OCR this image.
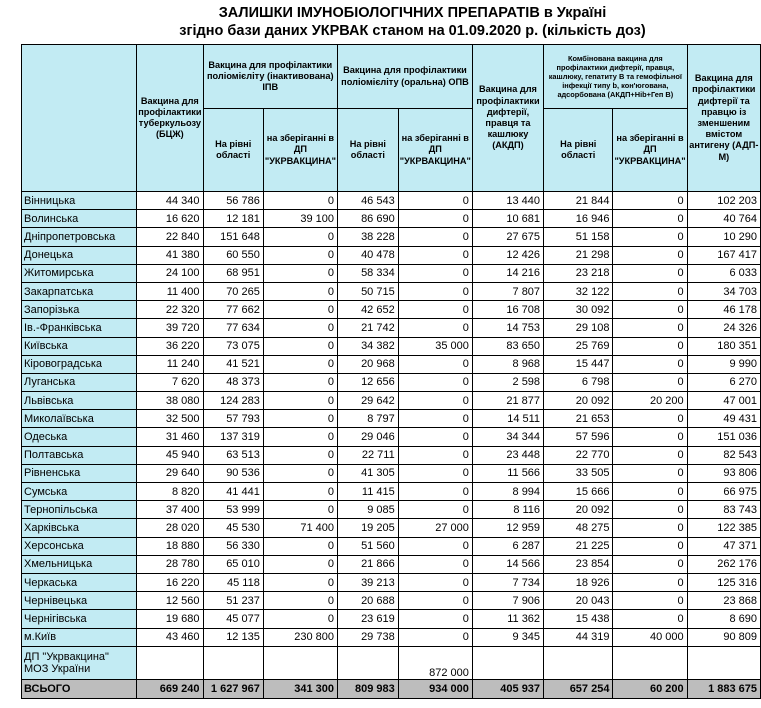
ЗАЛИШКИ ІМУНОБІОЛОГІЧНИХ ПРЕПАРАТІВ в Україні
згідно бази даних УКРВАК станом на 01.09.2020 р. (кількість доз)
	Вакцина для профілактики туберкульозу (БЦЖ)	Вакцина для профілактики поліомієліту (інактивована) ІПВ		Вакцина для профілактики поліомієліту (оральна) ОПВ		Вакцина для профілактики дифтерії, правця та кашлюку (АКДП)	Комбінована вакцина для профілактики дифтерії, правця, кашлюку, гепатиту В та гемофільної інфекції типу b, кон'югована, адсорбована (АКДП+Hib+Геп В)		Вакцина для профілактики дифтерії та правцю із зменшеним вмістом антигену (АДП-М)
		На рівні області	на зберіганні в ДП "УКРВАКЦИНА"	На рівні області	на зберіганні в ДП "УКРВАКЦИНА"		На рівні області	на зберіганні в ДП "УКРВАКЦИНА"	
Вінницька	44 340	56 786	0	46 543	0	13 440	21 844	0	102 203
Волинська	16 620	12 181	39 100	86 690	0	10 681	16 946	0	40 764
Дніпропетровська	22 840	151 648	0	38 228	0	27 675	51 158	0	10 290
Донецька	41 380	60 550	0	40 478	0	12 426	21 298	0	167 417
Житомирська	24 100	68 951	0	58 334	0	14 216	23 218	0	6 033
Закарпатська	11 400	70 265	0	50 715	0	7 807	32 122	0	34 703
Запорізька	22 320	77 662	0	42 652	0	16 708	30 092	0	46 178
Ів.-Франківська	39 720	77 634	0	21 742	0	14 753	29 108	0	24 326
Київська	36 220	73 075	0	34 382	35 000	83 650	25 769	0	180 351
Кіровоградська	11 240	41 521	0	20 968	0	8 968	15 447	0	9 990
Луганська	7 620	48 373	0	12 656	0	2 598	6 798	0	6 270
Львівська	38 080	124 283	0	29 642	0	21 877	20 092	20 200	47 001
Миколаївська	32 500	57 793	0	8 797	0	14 511	21 653	0	49 431
Одеська	31 460	137 319	0	29 046	0	34 344	57 596	0	151 036
Полтавська	45 940	63 513	0	22 711	0	23 448	22 770	0	82 543
Рівненська	29 640	90 536	0	41 305	0	11 566	33 505	0	93 806
Сумська	8 820	41 441	0	11 415	0	8 994	15 666	0	66 975
Тернопільська	37 400	53 999	0	9 085	0	8 116	20 092	0	83 743
Харківська	28 020	45 530	71 400	19 205	27 000	12 959	48 275	0	122 385
Херсонська	18 880	56 330	0	51 560	0	6 287	21 225	0	47 371
Хмельницька	28 780	65 010	0	21 866	0	14 566	23 854	0	262 176
Черкаська	16 220	45 118	0	39 213	0	7 734	18 926	0	125 316
Чернівецька	12 560	51 237	0	20 688	0	7 906	20 043	0	23 868
Чернігівська	19 680	45 077	0	23 619	0	11 362	15 438	0	8 690
м.Київ	43 460	12 135	230 800	29 738	0	9 345	44 319	40 000	90 809
ДП "Укрвакцина" МОЗ України					872 000				
ВСЬОГО	669 240	1 627 967	341 300	809 983	934 000	405 937	657 254	60 200	1 883 675
